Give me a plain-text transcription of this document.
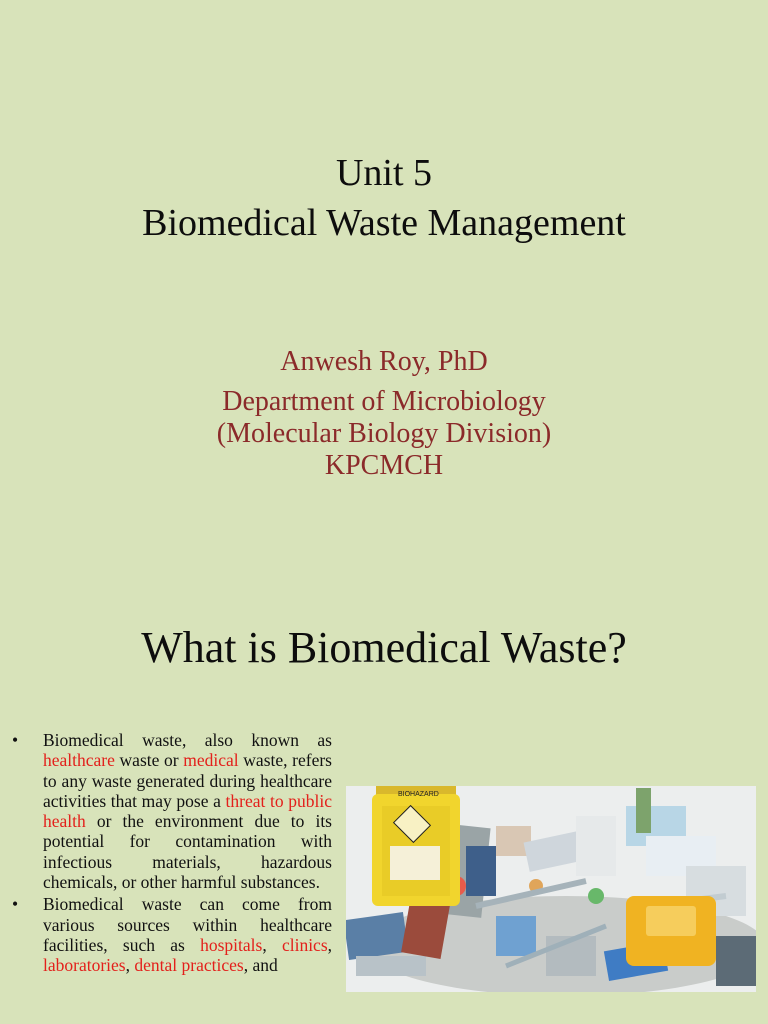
Unit 5
Biomedical Waste Management
Anwesh Roy, PhD
Department of Microbiology
(Molecular Biology Division)
KPCMCH
What is Biomedical Waste?
• Biomedical waste, also known as healthcare waste or medical waste, refers to any waste generated during healthcare activities that may pose a threat to public health or the environment due to its potential for contamination with infectious materials, hazardous chemicals, or other harmful substances.
• Biomedical waste can come from various sources within healthcare facilities, such as hospitals, clinics, laboratories, dental practices, and
BIOHAZARD
